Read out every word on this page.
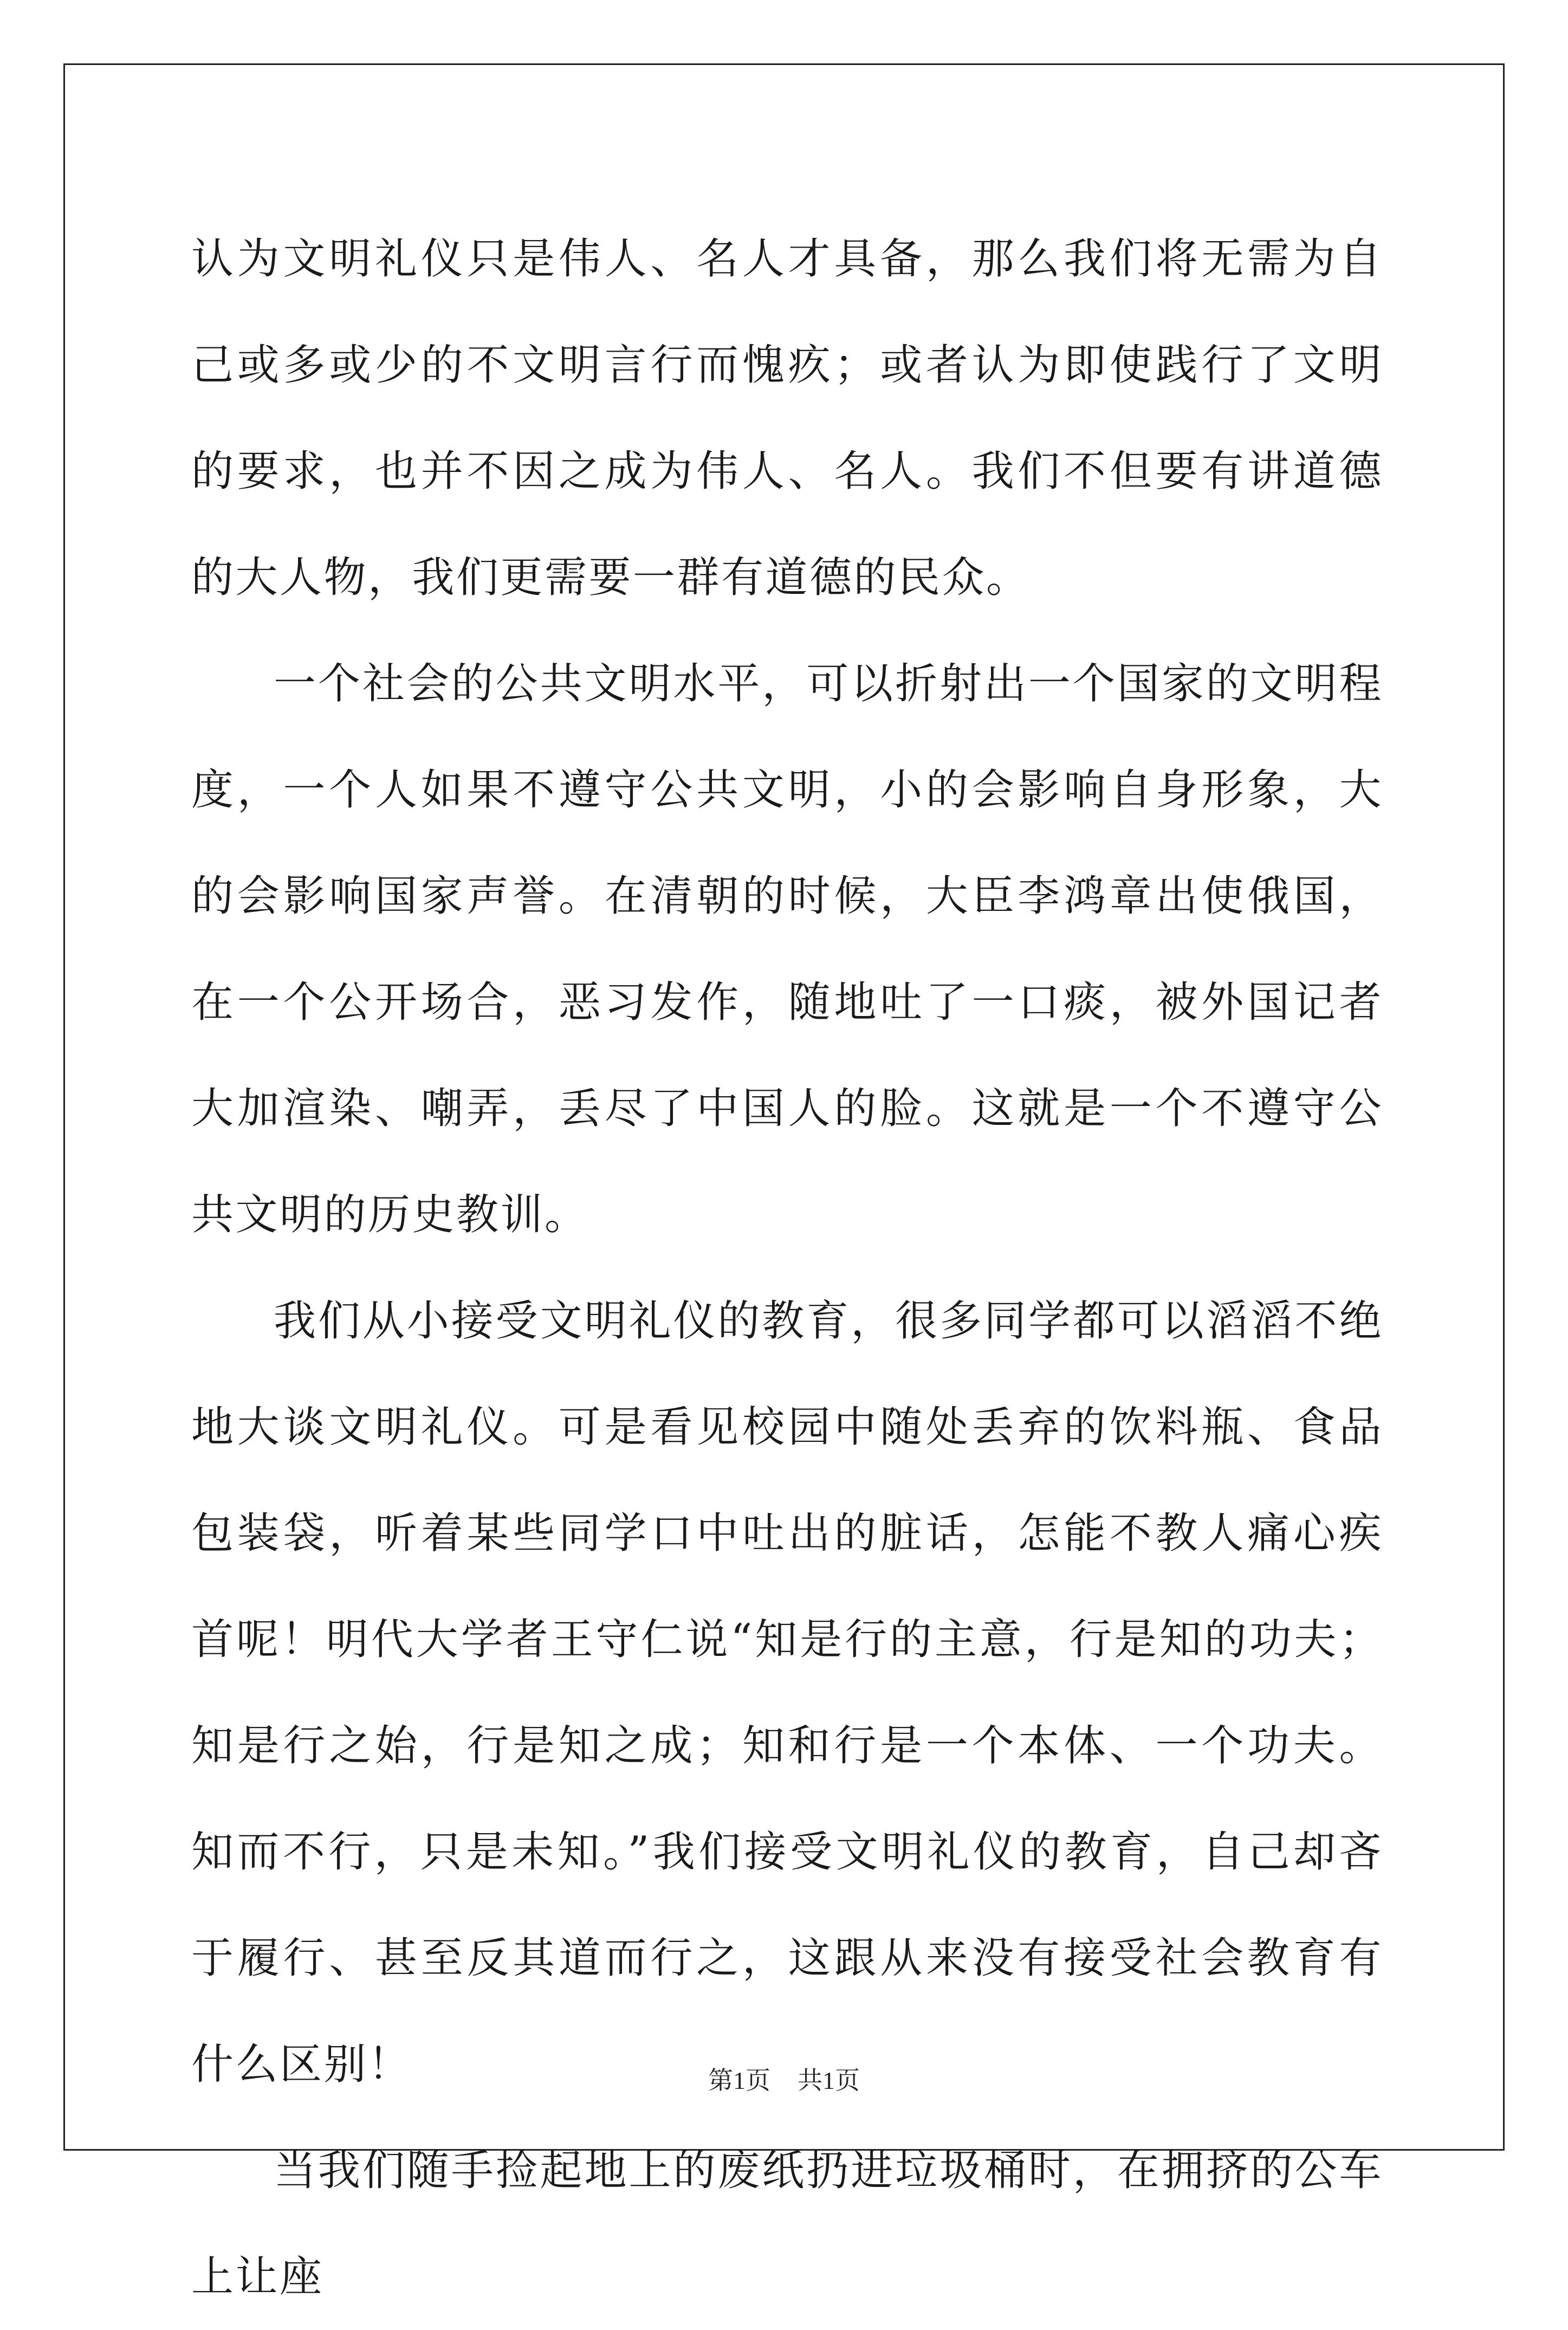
认为文明礼仪只是伟人、名人才具备，那么我们将无需为自己或多或少的不文明言行而愧疚；或者认为即使践行了文明的要求，也并不因之成为伟人、名人。我们不但要有讲道德的大人物，我们更需要一群有道德的民众。

一个社会的公共文明水平，可以折射出一个国家的文明程度，一个人如果不遵守公共文明，小的会影响自身形象，大的会影响国家声誉。在清朝的时候，大臣李鸿章出使俄国，在一个公开场合，恶习发作，随地吐了一口痰，被外国记者大加渲染、嘲弄，丢尽了中国人的脸。这就是一个不遵守公共文明的历史教训。

我们从小接受文明礼仪的教育，很多同学都可以滔滔不绝地大谈文明礼仪。可是看见校园中随处丢弃的饮料瓶、食品包装袋，听着某些同学口中吐出的脏话，怎能不教人痛心疾首呢！明代大学者王守仁说“知是行的主意，行是知的功夫；知是行之始，行是知之成；知和行是一个本体、一个功夫。知而不行，只是未知。”我们接受文明礼仪的教育，自己却吝于履行、甚至反其道而行之，这跟从来没有接受社会教育有什么区别！

当我们随手捡起地上的废纸扔进垃圾桶时，在拥挤的公车上让座

第1页 共1页
